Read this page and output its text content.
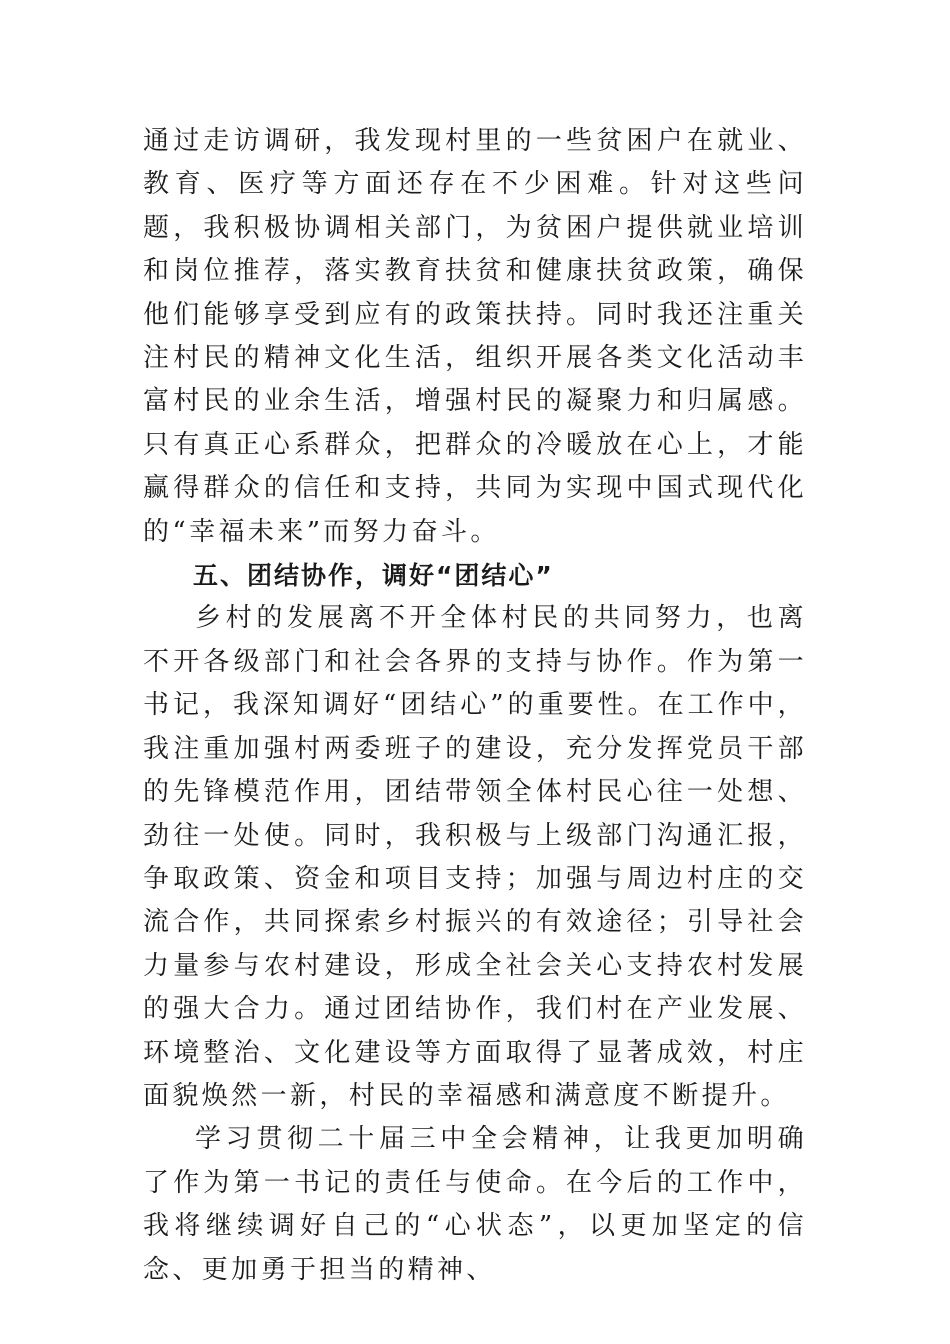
通过走访调研，我发现村里的一些贫困户在就业、教育、医疗等方面还存在不少困难。针对这些问题，我积极协调相关部门，为贫困户提供就业培训和岗位推荐，落实教育扶贫和健康扶贫政策，确保他们能够享受到应有的政策扶持。同时我还注重关注村民的精神文化生活，组织开展各类文化活动丰富村民的业余生活，增强村民的凝聚力和归属感。只有真正心系群众，把群众的冷暖放在心上，才能赢得群众的信任和支持，共同为实现中国式现代化的“幸福未来”而努力奋斗。

五、团结协作，调好“团结心”

乡村的发展离不开全体村民的共同努力，也离不开各级部门和社会各界的支持与协作。作为第一书记，我深知调好“团结心”的重要性。在工作中，我注重加强村两委班子的建设，充分发挥党员干部的先锋模范作用，团结带领全体村民心往一处想、劲往一处使。同时，我积极与上级部门沟通汇报，争取政策、资金和项目支持；加强与周边村庄的交流合作，共同探索乡村振兴的有效途径；引导社会力量参与农村建设，形成全社会关心支持农村发展的强大合力。通过团结协作，我们村在产业发展、环境整治、文化建设等方面取得了显著成效，村庄面貌焕然一新，村民的幸福感和满意度不断提升。

学习贯彻二十届三中全会精神，让我更加明确了作为第一书记的责任与使命。在今后的工作中，我将继续调好自己的“心状态”，以更加坚定的信念、更加勇于担当的精神、
